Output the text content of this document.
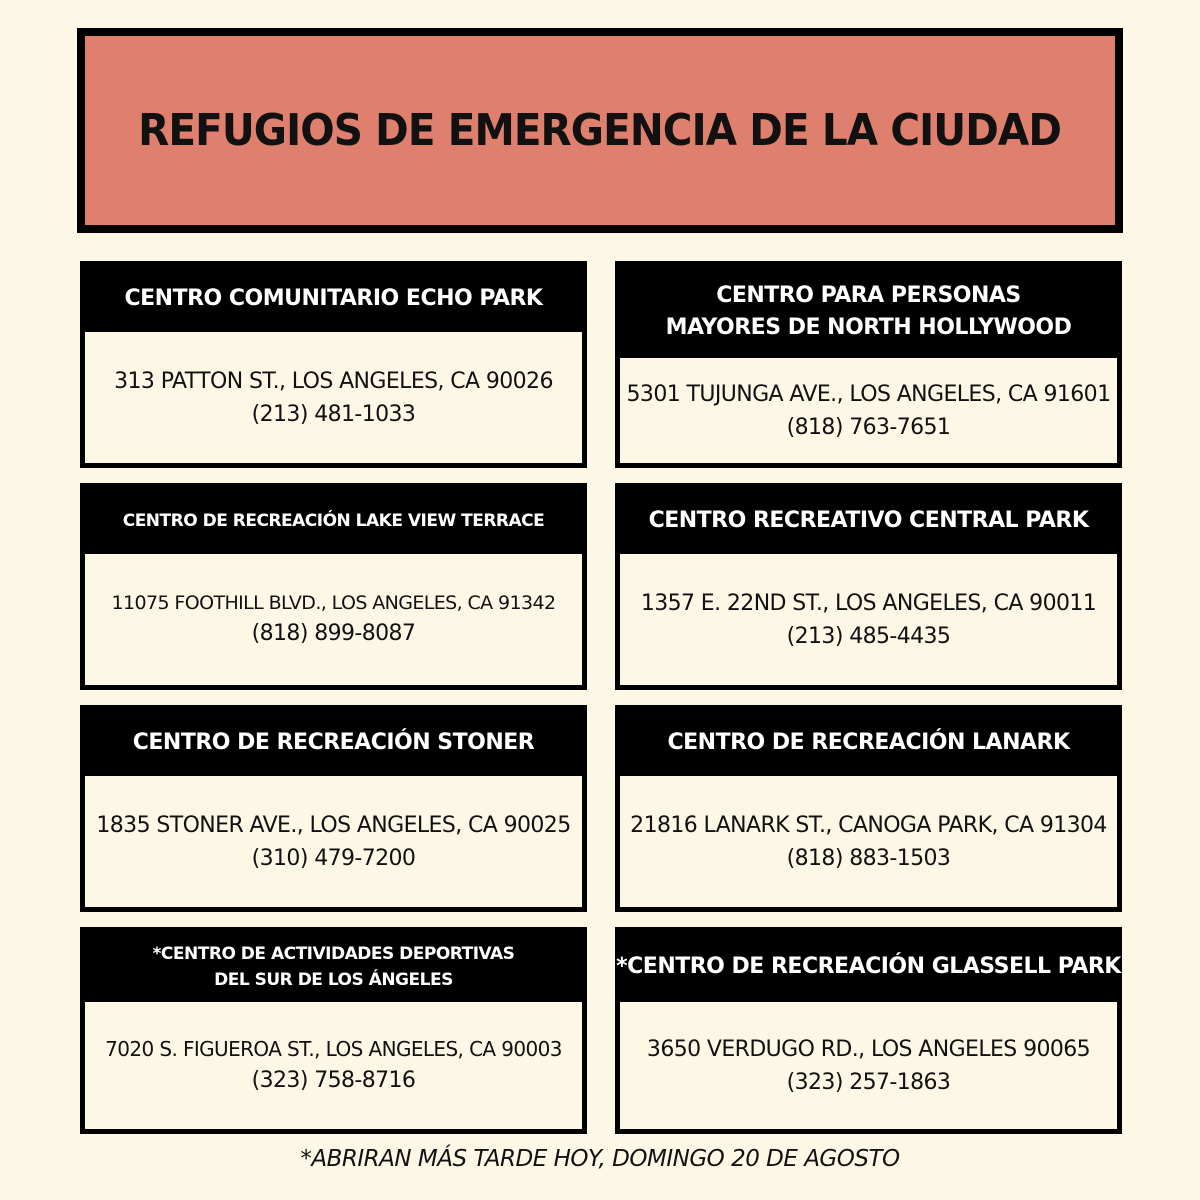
REFUGIOS DE EMERGENCIA DE LA CIUDAD
CENTRO COMUNITARIO ECHO PARK
313 PATTON ST., LOS ANGELES, CA 90026
(213) 481-1033
CENTRO PARA PERSONAS
MAYORES DE NORTH HOLLYWOOD
5301 TUJUNGA AVE., LOS ANGELES, CA 91601
(818) 763-7651
CENTRO DE RECREACIÓN LAKE VIEW TERRACE
11075 FOOTHILL BLVD., LOS ANGELES, CA 91342
(818) 899-8087
CENTRO RECREATIVO CENTRAL PARK
1357 E. 22ND ST., LOS ANGELES, CA 90011
(213) 485-4435
CENTRO DE RECREACIÓN STONER
1835 STONER AVE., LOS ANGELES, CA 90025
(310) 479-7200
CENTRO DE RECREACIÓN LANARK
21816 LANARK ST., CANOGA PARK, CA 91304
(818) 883-1503
*CENTRO DE ACTIVIDADES DEPORTIVAS
DEL SUR DE LOS ÁNGELES
7020 S. FIGUEROA ST., LOS ANGELES, CA 90003
(323) 758-8716
*CENTRO DE RECREACIÓN GLASSELL PARK
3650 VERDUGO RD., LOS ANGELES 90065
(323) 257-1863
*ABRIRAN MÁS TARDE HOY, DOMINGO 20 DE AGOSTO
